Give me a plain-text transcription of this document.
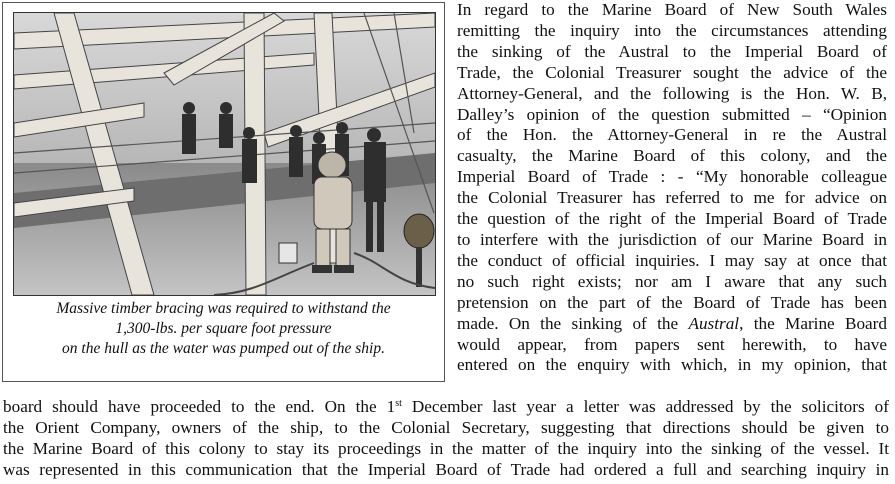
Massive timber bracing was required to withstand the
1,300-lbs. per square foot pressure
on the hull as the water was pumped out of the ship.
In regard to the Marine Board of New South Wales
remitting the inquiry into the circumstances attending
the sinking of the Austral to the Imperial Board of
Trade, the Colonial Treasurer sought the advice of the
Attorney-General, and the following is the Hon. W. B,
Dalley’s opinion of the question submitted – “Opinion
of the Hon. the Attorney-General in re the Austral
casualty, the Marine Board of this colony, and the
Imperial Board of Trade : - “My honorable colleague
the Colonial Treasurer has referred to me for advice on
the question of the right of the Imperial Board of Trade
to interfere with the jurisdiction of our Marine Board in
the conduct of official inquiries. I may say at once that
no such right exists; nor am I aware that any such
pretension on the part of the Board of Trade has been
made. On the sinking of the Austral, the Marine Board
would appear, from papers sent herewith, to have
entered on the enquiry with which, in my opinion, that
board should have proceeded to the end. On the 1st December last year a letter was addressed by the solicitors of
the Orient Company, owners of the ship, to the Colonial Secretary, suggesting that directions should be given to
the Marine Board of this colony to stay its proceedings in the matter of the inquiry into the sinking of the vessel. It
was represented in this communication that the Imperial Board of Trade had ordered a full and searching inquiry in
